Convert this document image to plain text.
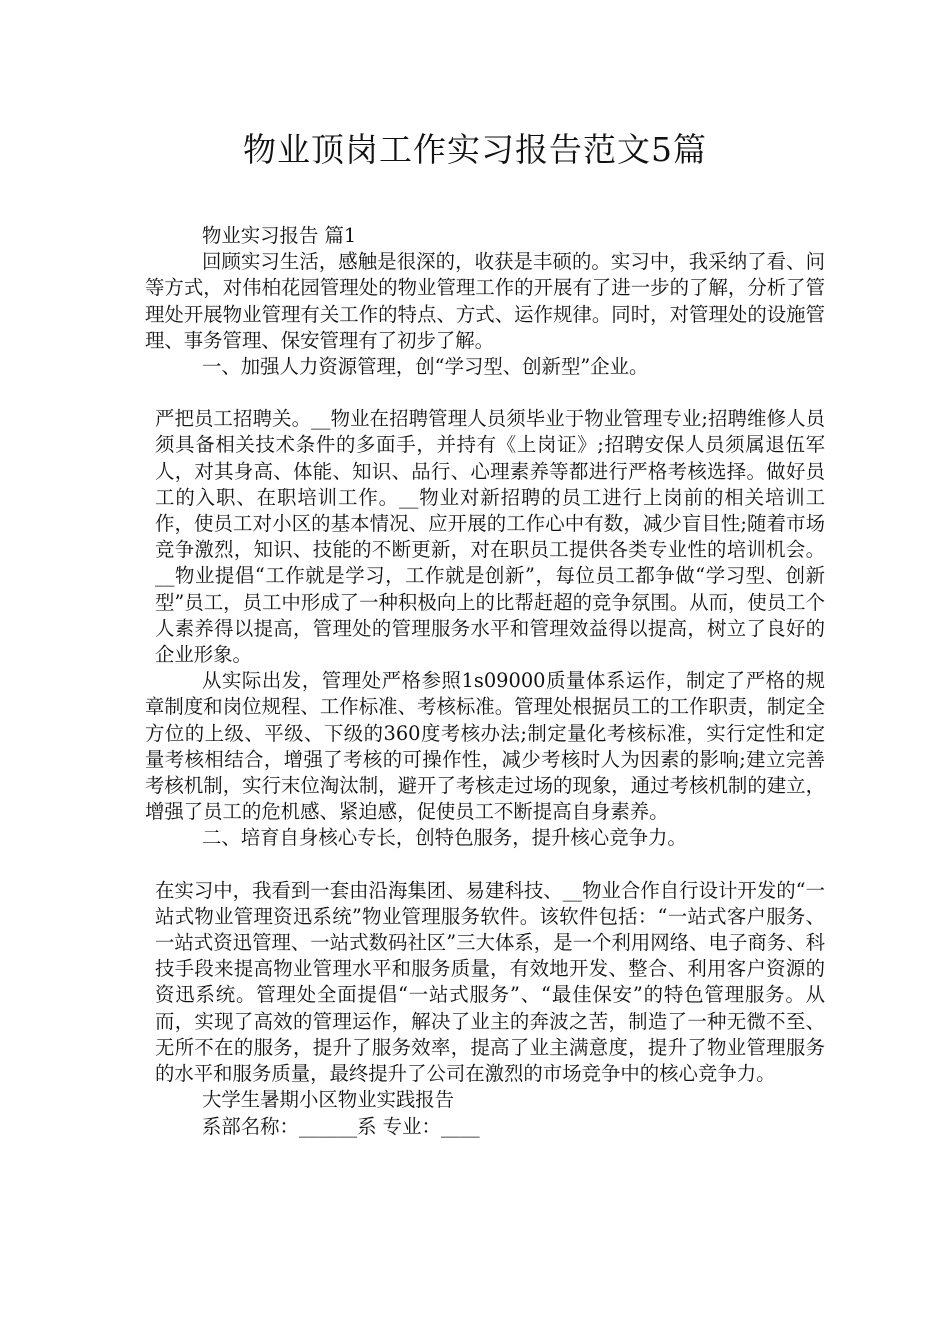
物业顶岗工作实习报告范文5篇

物业实习报告 篇1

回顾实习生活，感触是很深的，收获是丰硕的。实习中，我采纳了看、问等方式，对伟柏花园管理处的物业管理工作的开展有了进一步的了解，分析了管理处开展物业管理有关工作的特点、方式、运作规律。同时，对管理处的设施管理、事务管理、保安管理有了初步了解。

一、加强人力资源管理，创“学习型、创新型”企业。

严把员工招聘关。__物业在招聘管理人员须毕业于物业管理专业;招聘维修人员须具备相关技术条件的多面手，并持有《上岗证》;招聘安保人员须属退伍军人，对其身高、体能、知识、品行、心理素养等都进行严格考核选择。做好员工的入职、在职培训工作。__物业对新招聘的员工进行上岗前的相关培训工作，使员工对小区的基本情况、应开展的工作心中有数，减少盲目性;随着市场竞争激烈，知识、技能的不断更新，对在职员工提供各类专业性的培训机会。__物业提倡“工作就是学习，工作就是创新”，每位员工都争做“学习型、创新型”员工，员工中形成了一种积极向上的比帮赶超的竞争氛围。从而，使员工个人素养得以提高，管理处的管理服务水平和管理效益得以提高，树立了良好的企业形象。

从实际出发，管理处严格参照1s09000质量体系运作，制定了严格的规章制度和岗位规程、工作标准、考核标准。管理处根据员工的工作职责，制定全方位的上级、平级、下级的360度考核办法;制定量化考核标准，实行定性和定量考核相结合，增强了考核的可操作性，减少考核时人为因素的影响;建立完善考核机制，实行末位淘汰制，避开了考核走过场的现象，通过考核机制的建立，增强了员工的危机感、紧迫感，促使员工不断提高自身素养。

二、培育自身核心专长，创特色服务，提升核心竞争力。

在实习中，我看到一套由沿海集团、易建科技、__物业合作自行设计开发的“一站式物业管理资迅系统”物业管理服务软件。该软件包括：“一站式客户服务、一站式资迅管理、一站式数码社区”三大体系，是一个利用网络、电子商务、科技手段来提高物业管理水平和服务质量，有效地开发、整合、利用客户资源的资迅系统。管理处全面提倡“一站式服务”、“最佳保安”的特色管理服务。从而，实现了高效的管理运作，解决了业主的奔波之苦，制造了一种无微不至、无所不在的服务，提升了服务效率，提高了业主满意度，提升了物业管理服务的水平和服务质量，最终提升了公司在激烈的市场竞争中的核心竞争力。

大学生暑期小区物业实践报告

系部名称：______系 专业：____
